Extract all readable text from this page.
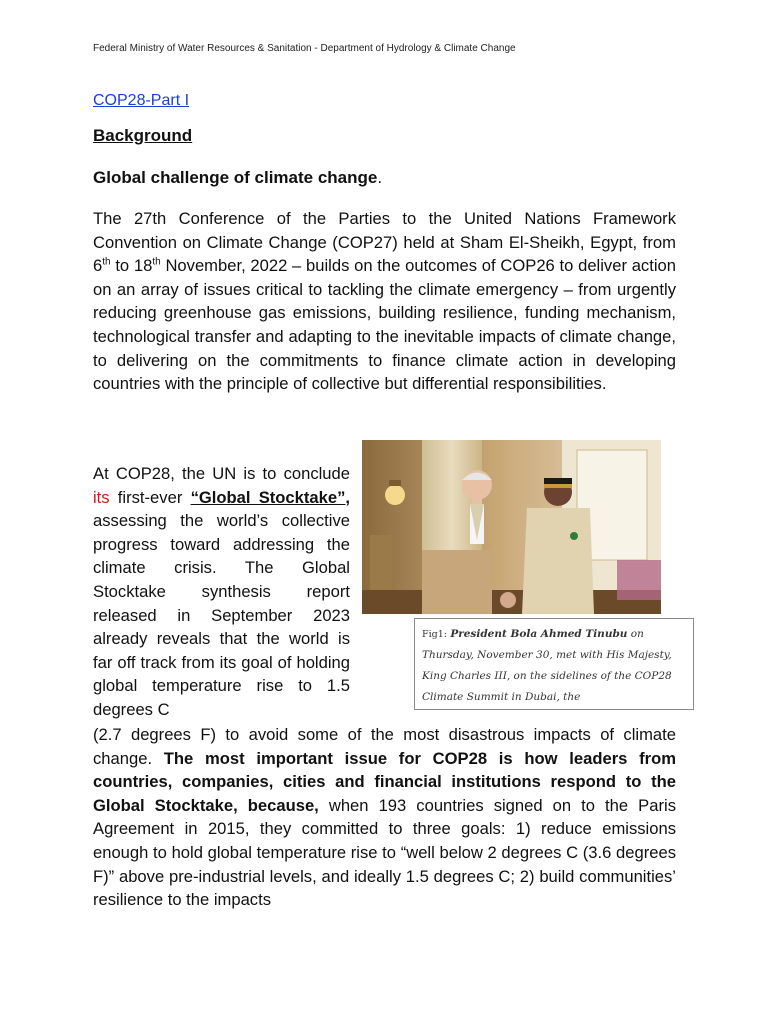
Federal Ministry of Water Resources & Sanitation - Department of Hydrology & Climate Change
COP28-Part I
Background
Global challenge of climate change.
The 27th Conference of the Parties to the United Nations Framework Convention on Climate Change (COP27) held at Sham El-Sheikh, Egypt, from 6th to 18th November, 2022 – builds on the outcomes of COP26 to deliver action on an array of issues critical to tackling the climate emergency – from urgently reducing greenhouse gas emissions, building resilience, funding mechanism, technological transfer and adapting to the inevitable impacts of climate change, to delivering on the commitments to finance climate action in developing countries with the principle of collective but differential responsibilities.
At COP28, the UN is to conclude its first-ever “Global Stocktake”, assessing the world’s collective progress toward addressing the climate crisis. The Global Stocktake synthesis report released in September 2023 already reveals that the world is far off track from its goal of holding global temperature rise to 1.5 degrees C
Fig1: President Bola Ahmed Tinubu on Thursday, November 30, met with His Majesty, King Charles III, on the sidelines of the COP28 Climate Summit in Dubai, the
(2.7 degrees F) to avoid some of the most disastrous impacts of climate change. The most important issue for COP28 is how leaders from countries, companies, cities and financial institutions respond to the Global Stocktake, because, when 193 countries signed on to the Paris Agreement in 2015, they committed to three goals: 1) reduce emissions enough to hold global temperature rise to “well below 2 degrees C (3.6 degrees F)” above pre-industrial levels, and ideally 1.5 degrees C; 2) build communities’ resilience to the impacts
